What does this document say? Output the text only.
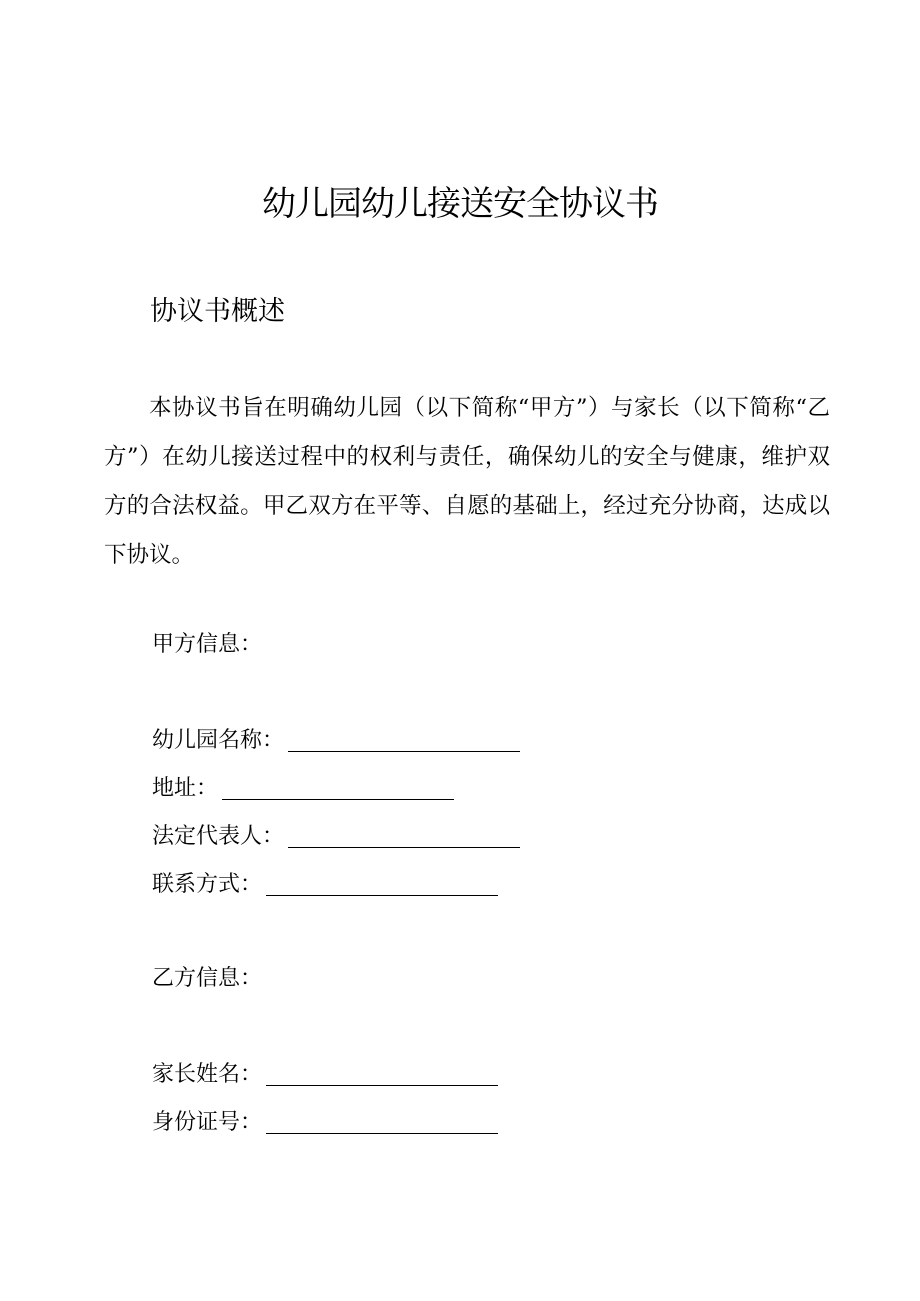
幼儿园幼儿接送安全协议书
协议书概述

本协议书旨在明确幼儿园（以下简称“甲方”）与家长（以下简称“乙方”）在幼儿接送过程中的权利与责任，确保幼儿的安全与健康，维护双方的合法权益。甲乙双方在平等、自愿的基础上，经过充分协商，达成以下协议。

甲方信息：
幼儿园名称：
地址：
法定代表人：
联系方式：
乙方信息：
家长姓名：
身份证号：
